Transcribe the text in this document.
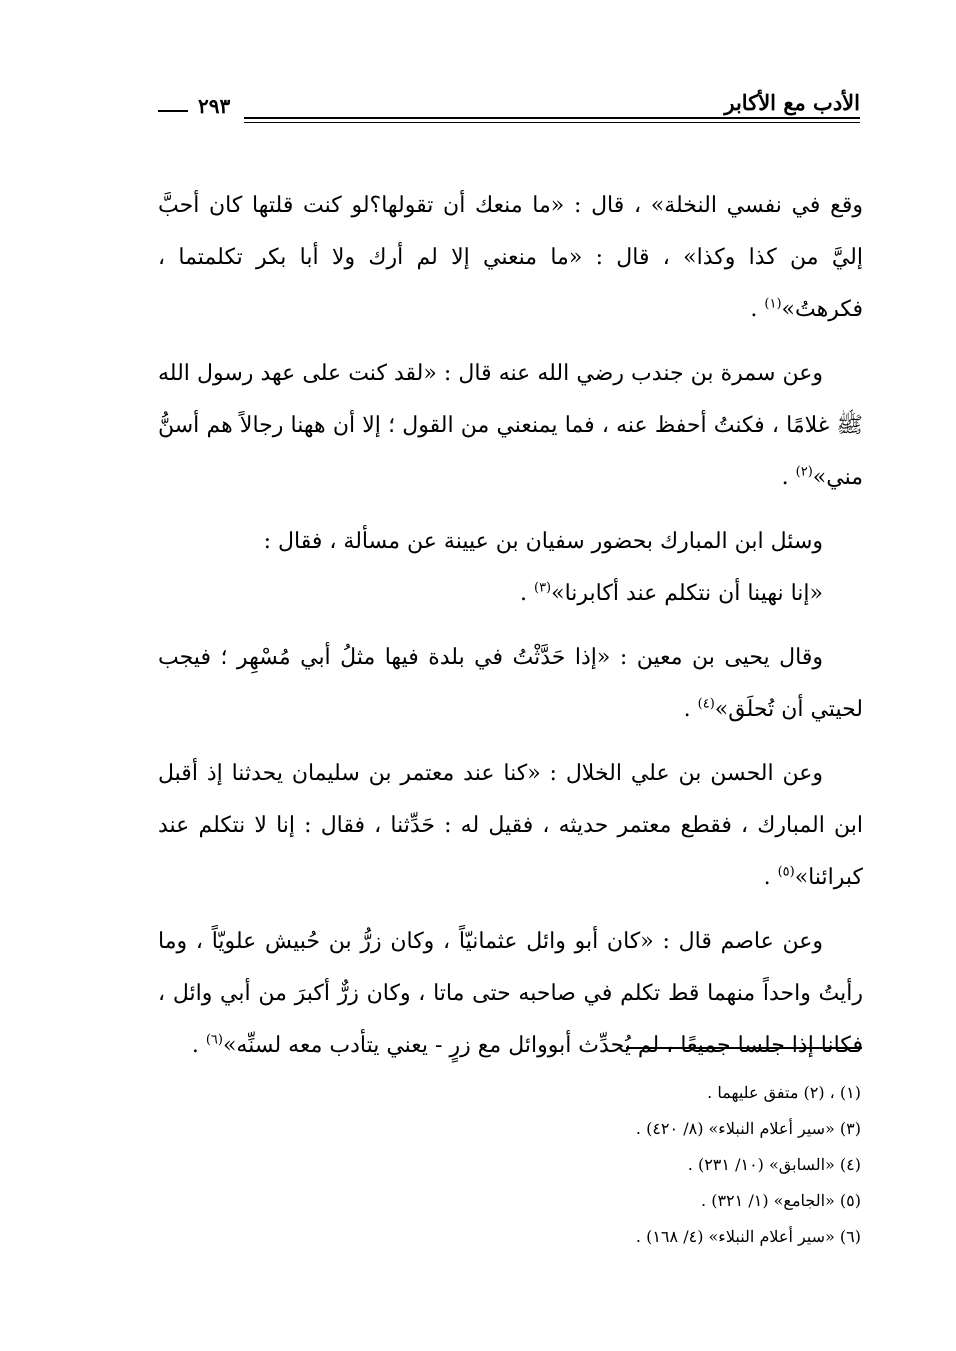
الأدب مع الأكابر
٢٩٣

وقع في نفسي النخلة» ، قال : «ما منعك أن تقولها؟لو كنت قلتها كان أحبَّ إليَّ من كذا وكذا» ، قال : «ما منعني إلا لم أرك ولا أبا بكر تكلمتما ، فكرهتُ»$^{(١)}$ .

وعن سمرة بن جندب رضي الله عنه قال : «لقد كنت على عهد رسول الله ﷺ غلامًا ، فكنتُ أحفظ عنه ، فما يمنعني من القول ؛ إلا أن ههنا رجالاً هم أسنُّ مني»$^{(٢)}$ .

وسئل ابن المبارك بحضور سفيان بن عيينة عن مسألة ، فقال :

«إنا نهينا أن نتكلم عند أكابرنا»$^{(٣)}$ .

وقال يحيى بن معين : «إذا حَدَّثْتُ في بلدة فيها مثلُ أبي مُسْهِر ؛ فيجب لحيتي أن تُحلَق»$^{(٤)}$ .

وعن الحسن بن علي الخلال : «كنا عند معتمر بن سليمان يحدثنا إذ أقبل ابن المبارك ، فقطع معتمر حديثه ، فقيل له : حَدِّثنا ، فقال : إنا لا نتكلم عند كبرائنا»$^{(٥)}$ .

وعن عاصم قال : «كان أبو وائل عثمانيّاً ، وكان زرُّ بن حُبيش علويّاً ، وما رأيتُ واحداً منهما قط تكلم في صاحبه حتى ماتا ، وكان زرٌّ أكبرَ من أبي وائل ، فكانا إذا جلسا جميعًا ، لم يُحدِّث أبووائل مع زرٍ - يعني يتأدب معه لسنِّه»$^{(٦)}$ .

(١) ، (٢) متفق عليهما .

(٣) «سير أعلام النبلاء» (٨/ ٤٢٠) .

(٤) «السابق» (١٠/ ٢٣١) .

(٥) «الجامع» (١/ ٣٢١) .

(٦) «سير أعلام النبلاء» (٤/ ١٦٨) .
